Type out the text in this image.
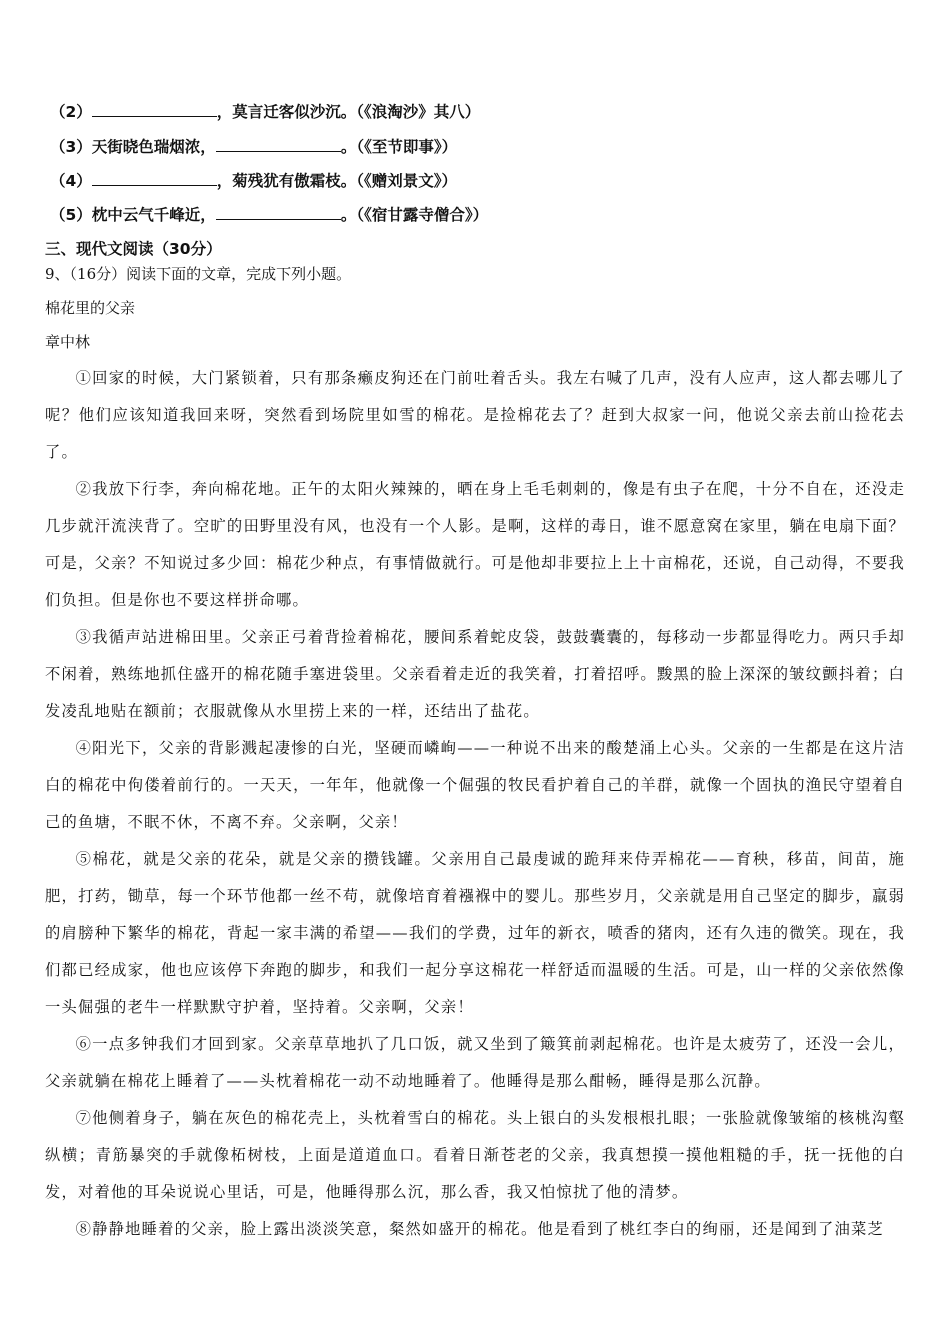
（2）	，莫言迁客似沙沉。（《浪淘沙》其八）
（3）天街晓色瑞烟浓，	。（《至节即事》）
（4）	，菊残犹有傲霜枝。（《赠刘景文》）
（5）枕中云气千峰近，	。（《宿甘露寺僧合》）
三、现代文阅读（30分）
9、（16分）阅读下面的文章，完成下列小题。
棉花里的父亲
章中林

①回家的时候，大门紧锁着，只有那条癞皮狗还在门前吐着舌头。我左右喊了几声，没有人应声，这人都去哪儿了呢？他们应该知道我回来呀，突然看到场院里如雪的棉花。是捡棉花去了？赶到大叔家一问，他说父亲去前山捡花去了。

②我放下行李，奔向棉花地。正午的太阳火辣辣的，晒在身上毛毛刺刺的，像是有虫子在爬，十分不自在，还没走几步就汗流浃背了。空旷的田野里没有风，也没有一个人影。是啊，这样的毒日，谁不愿意窝在家里，躺在电扇下面？可是，父亲？不知说过多少回：棉花少种点，有事情做就行。可是他却非要拉上上十亩棉花，还说，自己动得，不要我们负担。但是你也不要这样拼命哪。

③我循声站进棉田里。父亲正弓着背捡着棉花，腰间系着蛇皮袋，鼓鼓囊囊的，每移动一步都显得吃力。两只手却不闲着，熟练地抓住盛开的棉花随手塞进袋里。父亲看着走近的我笑着，打着招呼。黢黑的脸上深深的皱纹颤抖着；白发凌乱地贴在额前；衣服就像从水里捞上来的一样，还结出了盐花。

④阳光下，父亲的背影溅起凄惨的白光，坚硬而嶙峋——一种说不出来的酸楚涌上心头。父亲的一生都是在这片洁白的棉花中佝偻着前行的。一天天，一年年，他就像一个倔强的牧民看护着自己的羊群，就像一个固执的渔民守望着自己的鱼塘，不眠不休，不离不弃。父亲啊，父亲！

⑤棉花，就是父亲的花朵，就是父亲的攒钱罐。父亲用自己最虔诚的跪拜来侍弄棉花——育秧，移苗，间苗，施肥，打药，锄草，每一个环节他都一丝不苟，就像培育着襁褓中的婴儿。那些岁月，父亲就是用自己坚定的脚步，羸弱的肩膀种下繁华的棉花，背起一家丰满的希望——我们的学费，过年的新衣，喷香的猪肉，还有久违的微笑。现在，我们都已经成家，他也应该停下奔跑的脚步，和我们一起分享这棉花一样舒适而温暖的生活。可是，山一样的父亲依然像一头倔强的老牛一样默默守护着，坚持着。父亲啊，父亲！

⑥一点多钟我们才回到家。父亲草草地扒了几口饭，就又坐到了簸箕前剥起棉花。也许是太疲劳了，还没一会儿，父亲就躺在棉花上睡着了——头枕着棉花一动不动地睡着了。他睡得是那么酣畅，睡得是那么沉静。

⑦他侧着身子，躺在灰色的棉花壳上，头枕着雪白的棉花。头上银白的头发根根扎眼；一张脸就像皱缩的核桃沟壑纵横；青筋暴突的手就像柘树枝，上面是道道血口。看着日渐苍老的父亲，我真想摸一摸他粗糙的手，抚一抚他的白发，对着他的耳朵说说心里话，可是，他睡得那么沉，那么香，我又怕惊扰了他的清梦。

⑧静静地睡着的父亲，脸上露出淡淡笑意，粲然如盛开的棉花。他是看到了桃红李白的绚丽，还是闻到了油菜芝
